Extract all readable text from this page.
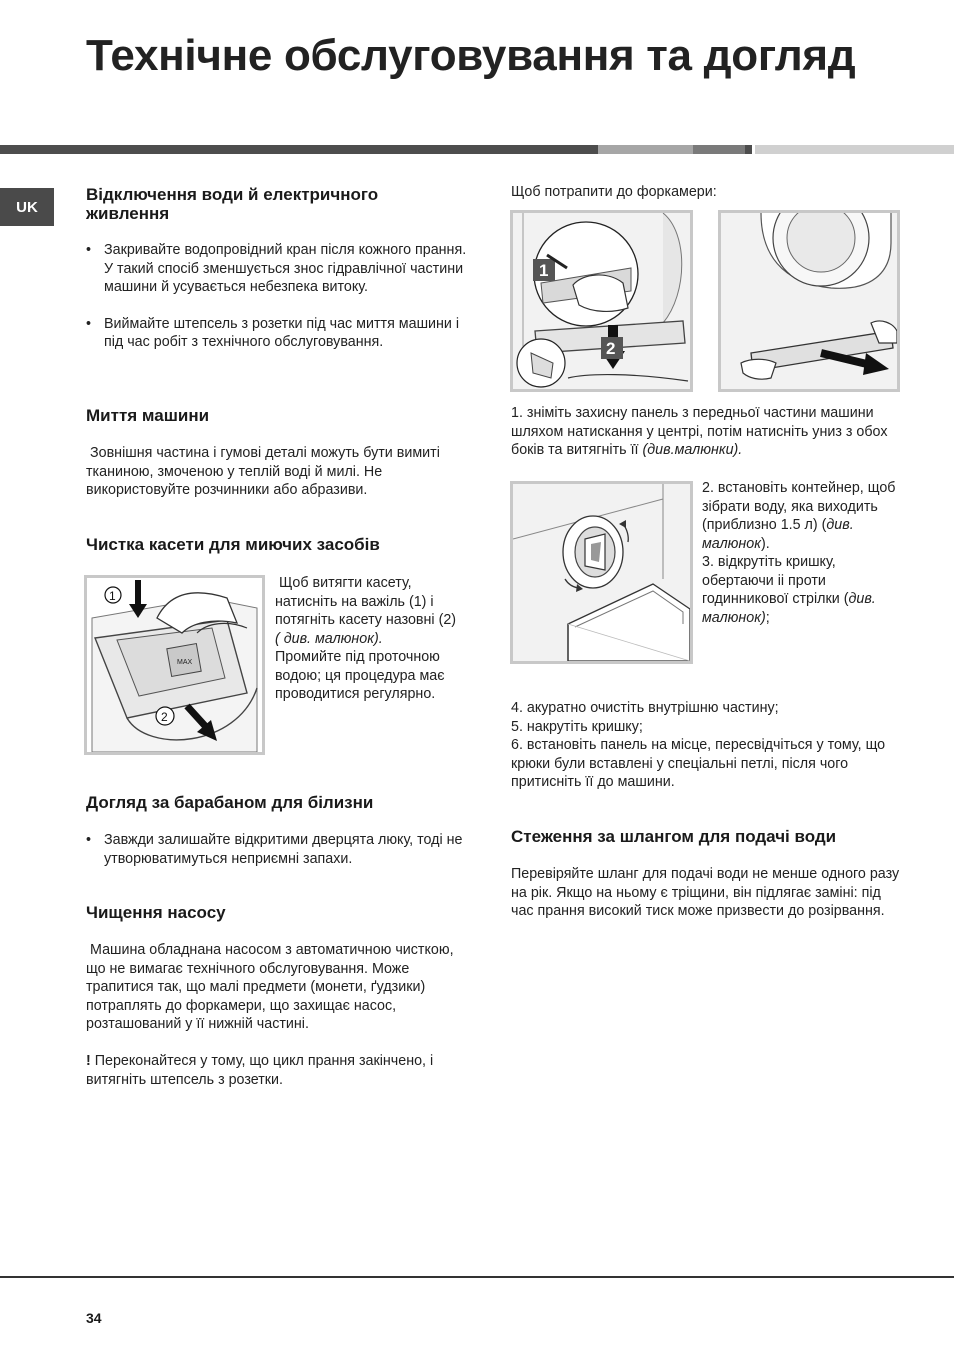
Технічне обслуговування та догляд
UK
Відключення води й електричного живлення
• Закривайте водопровідний кран після кожного прання. У такий спосіб зменшується знос гідравлічної частини машини й усувається небезпека витоку.
• Виймайте штепсель з розетки під час миття машини і під час робіт з технічного обслуговування.
Миття машини

Зовнішня частина і гумові деталі можуть бути вимиті тканиною, змоченою у теплій воді й милі. Не використовуйте розчинники або абразиви.

Чистка касети для миючих засобів
MAX
1
2

Щоб витягти касету, натисніть на важіль (1) і потягніть касету назовні (2)

( див. малюнок).

Промийте під проточною водою; ця процедура має проводитися регулярно.

Догляд за барабаном для білизни
• Завжди залишайте відкритими дверцята люку, тоді не утворюватимуться неприємні запахи.
Чищення насосу

Машина обладнана насосом з автоматичною чисткою, що не вимагає технічного обслуговування. Може трапитися так, що малі предмети (монети, ґудзики) потраплять до форкамери, що захищає насос, розташований у її нижній частині.

! Переконайтеся у тому, що цикл прання закінчено, і витягніть штепсель з розетки.

Щоб потрапити до форкамери:

1
2

1. зніміть захисну панель з передньої частини машини шляхом натискання у центрі, потім натисніть униз з обох боків та витягніть її (див.малюнки).

2. встановіть контейнер, щоб зібрати воду, яка виходить (приблизно 1.5 л) (див. малюнок).

3. відкрутіть кришку, обертаючи іі проти годинникової стрілки (див. малюнок);

4. акуратно очистіть внутрішню частину;

5. накрутіть кришку;

6. встановіть панель на місце, пересвідчіться у тому, що крюки були вставлені у спеціальні петлі, після чого притисніть її до машини.

Стеження за шлангом для подачі води

Перевіряйте шланг для подачі води не менше одного разу на рік. Якщо на ньому є тріщини, він підлягає заміні: під час прання високий тиск може призвести до розірвання.

34
